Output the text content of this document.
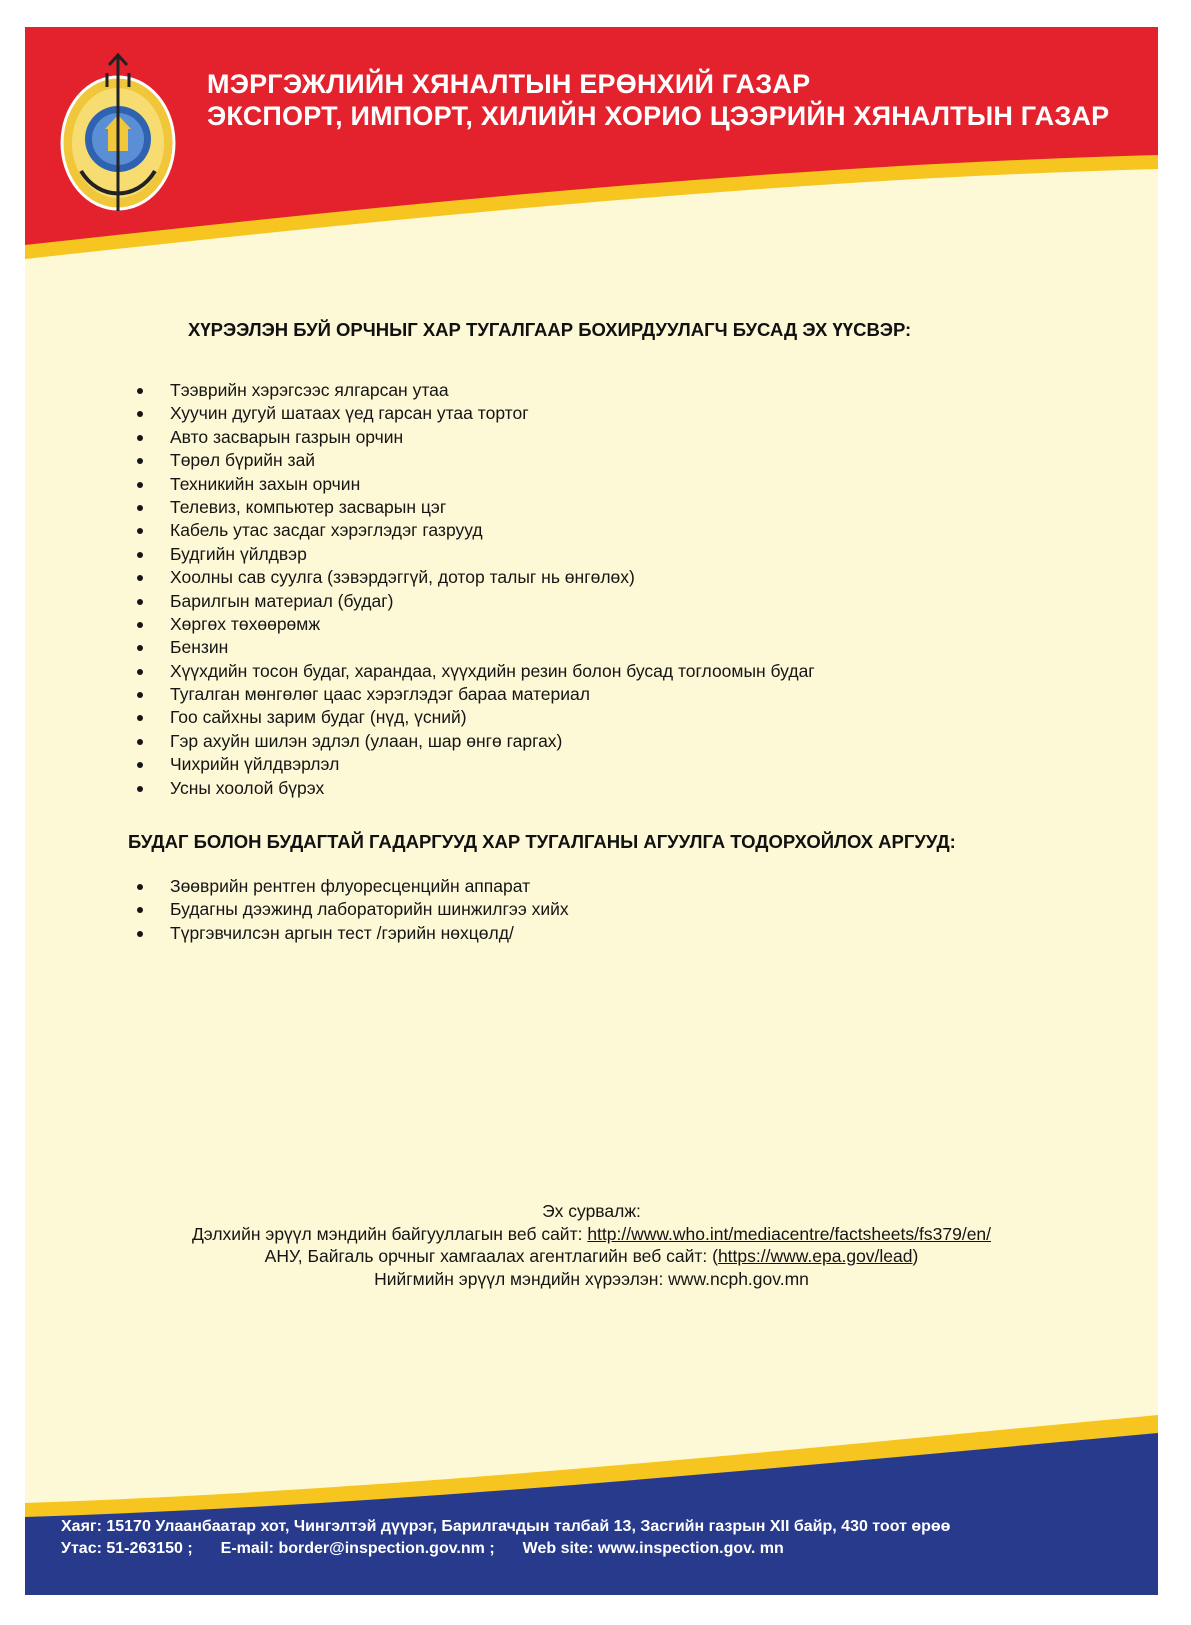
МЭРГЭЖЛИЙН ХЯНАЛТЫН ЕРӨНХИЙ ГАЗАР
ЭКСПОРТ, ИМПОРТ, ХИЛИЙН ХОРИО ЦЭЭРИЙН ХЯНАЛТЫН ГАЗАР
ХҮРЭЭЛЭН БУЙ ОРЧНЫГ ХАР ТУГАЛГААР БОХИРДУУЛАГЧ БУСАД ЭХ ҮҮСВЭР:
Тээврийн хэрэгсээс ялгарсан утаа
Хуучин дугуй шатаах үед гарсан утаа тортог
Авто засварын газрын орчин
Төрөл бүрийн зай
Техникийн захын орчин
Телевиз, компьютер засварын цэг
Кабель утас засдаг хэрэглэдэг газрууд
Будгийн үйлдвэр
Хоолны сав суулга (зэвэрдэггүй, дотор талыг нь өнгөлөх)
Барилгын материал (будаг)
Хөргөх төхөөрөмж
Бензин
Хүүхдийн тосон будаг, харандаа, хүүхдийн резин болон бусад тоглоомын будаг
Тугалган мөнгөлөг цаас хэрэглэдэг бараа материал
Гоо сайхны зарим будаг (нүд, үсний)
Гэр ахуйн шилэн эдлэл (улаан, шар өнгө гаргах)
Чихрийн үйлдвэрлэл
Усны хоолой бүрэх
БУДАГ БОЛОН БУДАГТАЙ ГАДАРГУУД ХАР ТУГАЛГАНЫ АГУУЛГА ТОДОРХОЙЛОХ АРГУУД:
Зөөврийн рентген флуоресценцийн аппарат
Будагны дээжинд лабораторийн шинжилгээ хийх
Түргэвчилсэн аргын тест /гэрийн нөхцөлд/
Эх сурвалж:
Дэлхийн эрүүл мэндийн байгууллагын веб сайт: http://www.who.int/mediacentre/factsheets/fs379/en/
АНУ, Байгаль орчныг хамгаалах агентлагийн веб сайт: (https://www.epa.gov/lead)
Нийгмийн эрүүл мэндийн хүрээлэн: www.ncph.gov.mn
Хаяг: 15170 Улаанбаатар хот, Чингэлтэй дүүрэг, Барилгачдын талбай 13, Засгийн газрын XII байр, 430 тоот өрөө
Утас: 51-263150 ; E-mail: border@inspection.gov.nm ; Web site: www.inspection.gov. mn
